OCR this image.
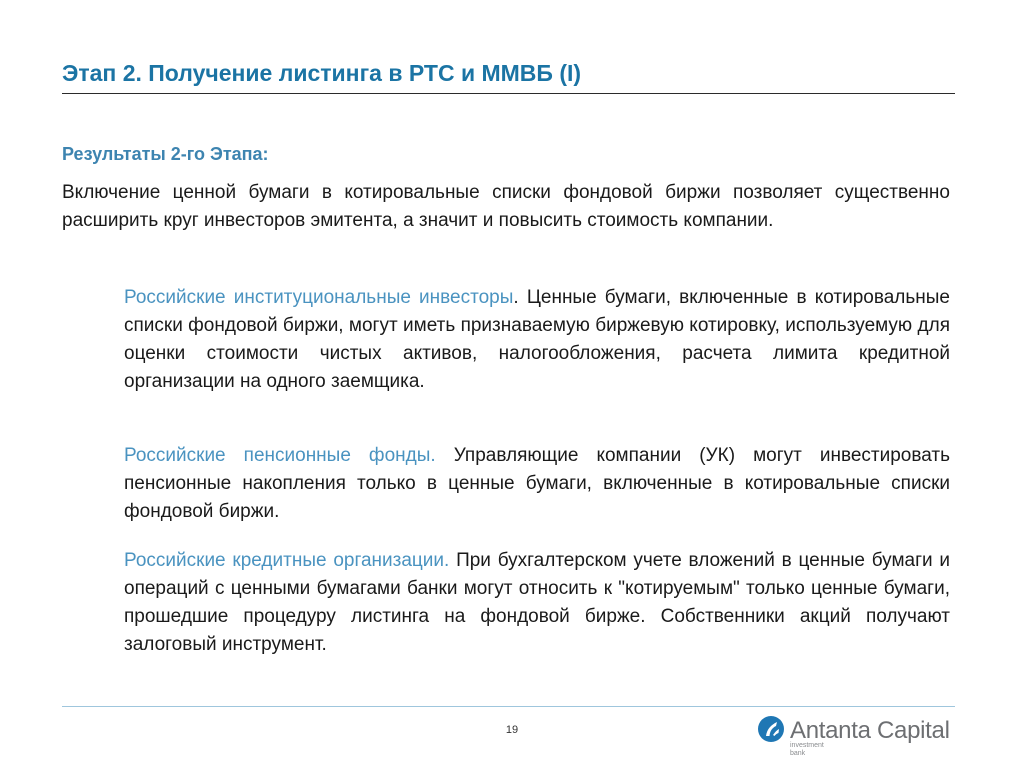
Этап 2. Получение листинга в РТС и ММВБ (I)
Результаты 2-го Этапа:

Включение ценной бумаги в котировальные списки фондовой биржи позволяет существенно расширить круг инвесторов эмитента, а значит и повысить стоимость компании.

Российские институциональные инвесторы. Ценные бумаги, включенные в котировальные списки фондовой биржи, могут иметь признаваемую биржевую котировку, используемую для оценки стоимости чистых активов, налогообложения, расчета лимита кредитной организации на одного заемщика.

Российские пенсионные фонды. Управляющие компании (УК) могут инвестировать пенсионные накопления только в ценные бумаги, включенные в котировальные списки фондовой биржи.

Российские кредитные организации. При бухгалтерском учете вложений в ценные бумаги и операций с ценными бумагами банки могут относить к "котируемым" только ценные бумаги, прошедшие процедуру листинга на фондовой бирже. Собственники акций получают залоговый инструмент.

19	Antanta Capital
investment
bank
